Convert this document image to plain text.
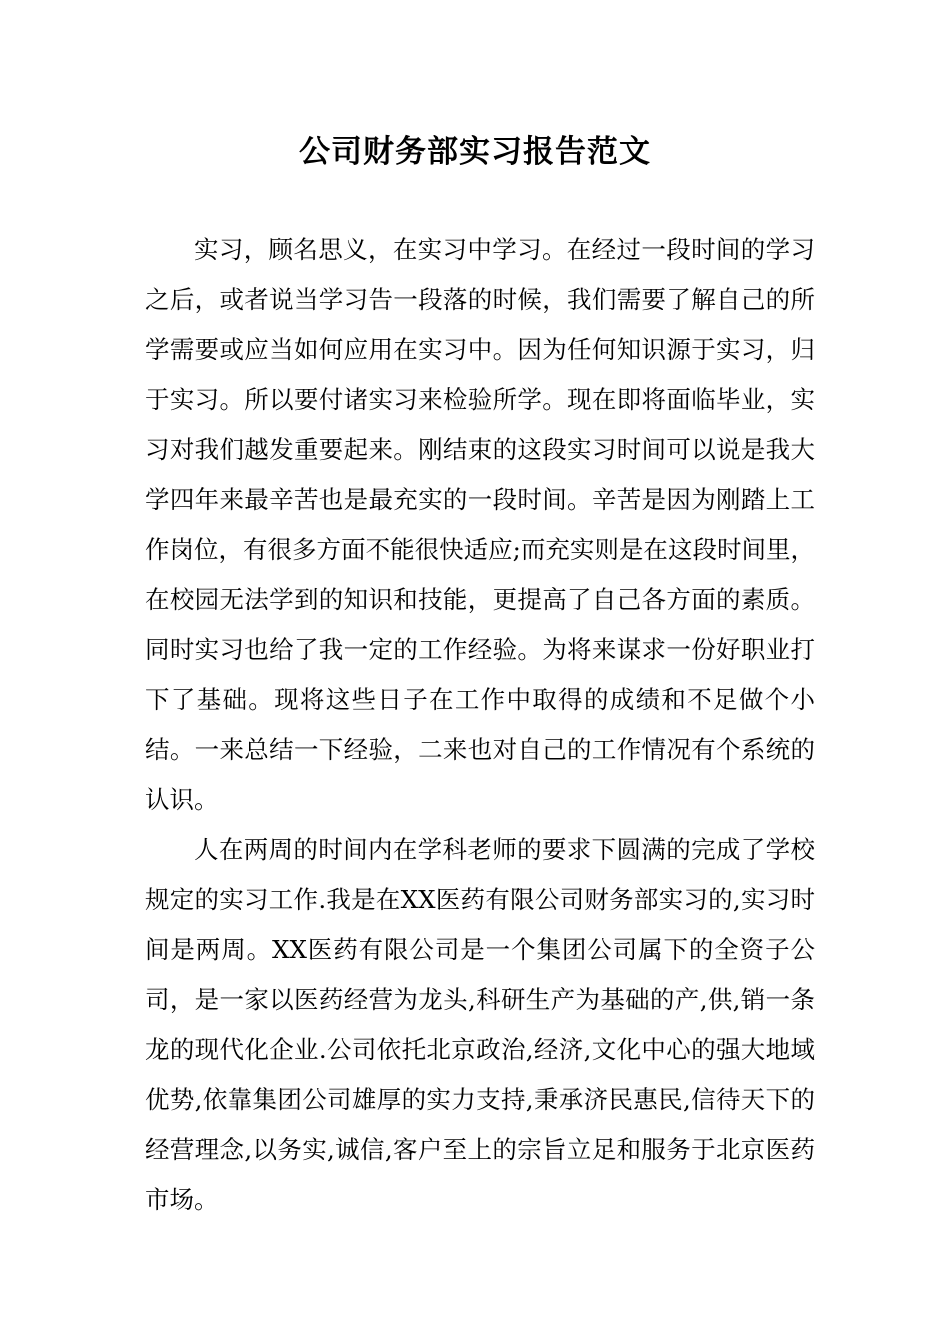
公司财务部实习报告范文

实习，顾名思义，在实习中学习。在经过一段时间的学习之后，或者说当学习告一段落的时候，我们需要了解自己的所学需要或应当如何应用在实习中。因为任何知识源于实习，归于实习。所以要付诸实习来检验所学。现在即将面临毕业，实习对我们越发重要起来。刚结束的这段实习时间可以说是我大学四年来最辛苦也是最充实的一段时间。辛苦是因为刚踏上工作岗位，有很多方面不能很快适应;而充实则是在这段时间里，在校园无法学到的知识和技能，更提高了自己各方面的素质。同时实习也给了我一定的工作经验。为将来谋求一份好职业打下了基础。现将这些日子在工作中取得的成绩和不足做个小结。一来总结一下经验，二来也对自己的工作情况有个系统的认识。

人在两周的时间内在学科老师的要求下圆满的完成了学校规定的实习工作.我是在XX医药有限公司财务部实习的,实习时间是两周。XX医药有限公司是一个集团公司属下的全资子公司，是一家以医药经营为龙头,科研生产为基础的产,供,销一条龙的现代化企业.公司依托北京政治,经济,文化中心的强大地域优势,依靠集团公司雄厚的实力支持,秉承济民惠民,信待天下的经营理念,以务实,诚信,客户至上的宗旨立足和服务于北京医药市场。
